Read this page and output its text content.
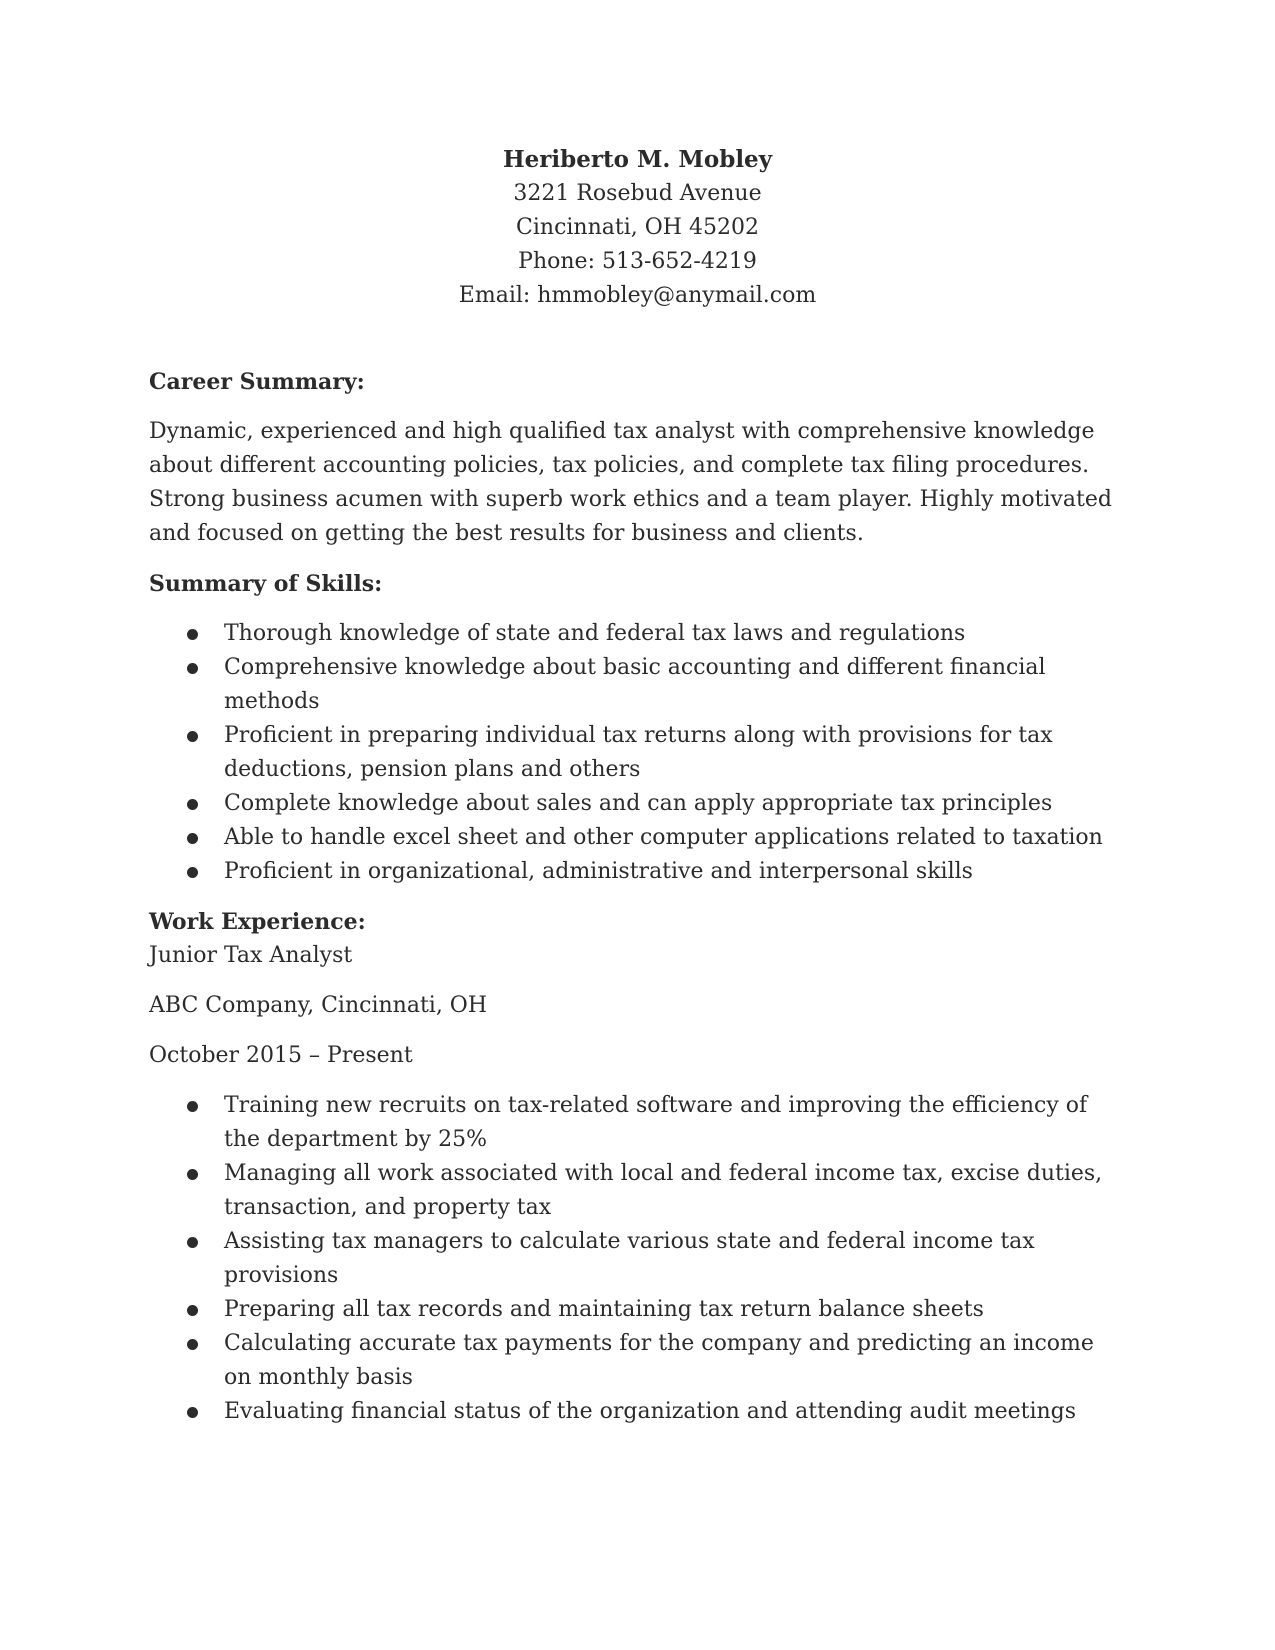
Heriberto M. Mobley
3221 Rosebud Avenue
Cincinnati, OH 45202
Phone: 513-652-4219
Email: hmmobley@anymail.com
Career Summary:

Dynamic, experienced and high qualified tax analyst with comprehensive knowledge about different accounting policies, tax policies, and complete tax filing procedures. Strong business acumen with superb work ethics and a team player. Highly motivated and focused on getting the best results for business and clients.

Summary of Skills:
Thorough knowledge of state and federal tax laws and regulations
Comprehensive knowledge about basic accounting and different financial methods
Proficient in preparing individual tax returns along with provisions for tax deductions, pension plans and others
Complete knowledge about sales and can apply appropriate tax principles
Able to handle excel sheet and other computer applications related to taxation
Proficient in organizational, administrative and interpersonal skills
Work Experience:

Junior Tax Analyst

ABC Company, Cincinnati, OH

October 2015 – Present

Training new recruits on tax-related software and improving the efficiency of the department by 25%
Managing all work associated with local and federal income tax, excise duties, transaction, and property tax
Assisting tax managers to calculate various state and federal income tax provisions
Preparing all tax records and maintaining tax return balance sheets
Calculating accurate tax payments for the company and predicting an income on monthly basis
Evaluating financial status of the organization and attending audit meetings
